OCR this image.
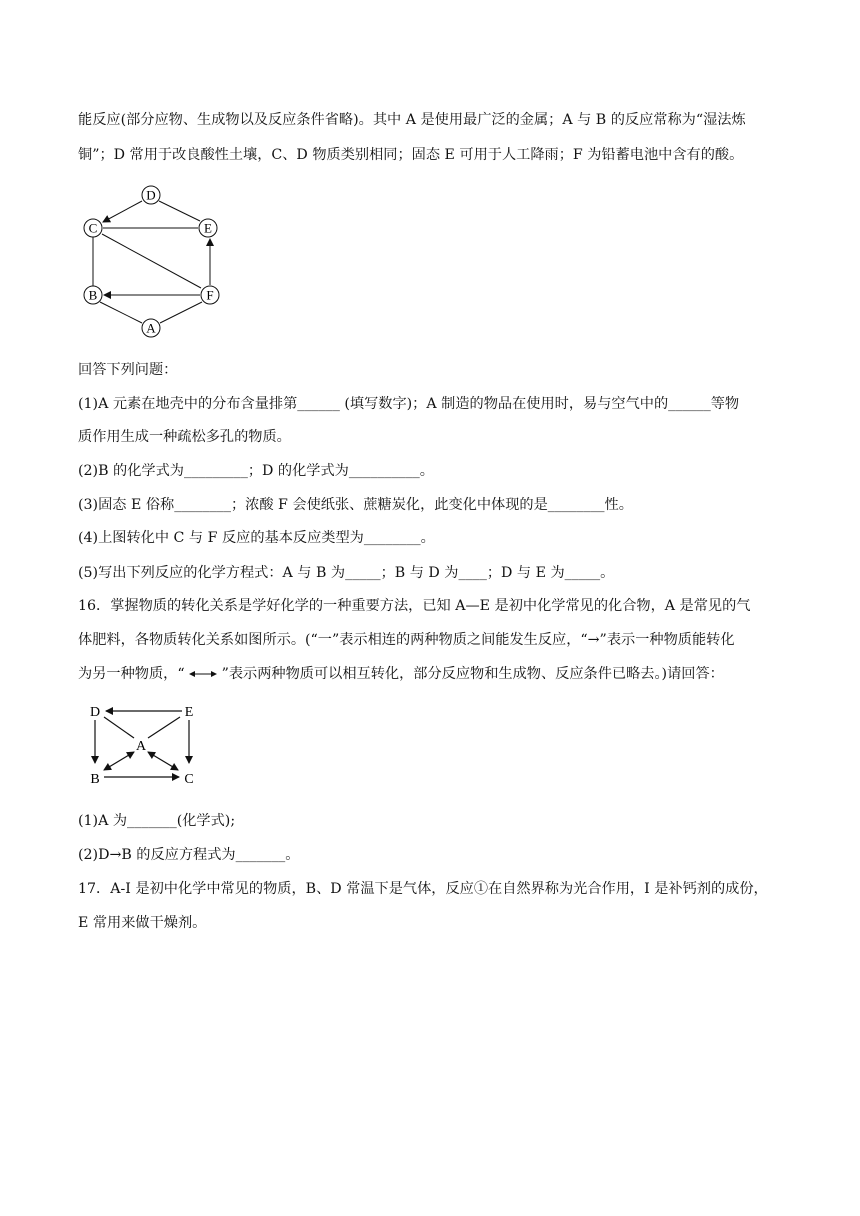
能反应(部分应物、生成物以及反应条件省略)。其中 A 是使用最广泛的金属；A 与 B 的反应常称为“湿法炼
铜”；D 常用于改良酸性土壤，C、D 物质类别相同；固态 E 可用于人工降雨；F 为铅蓄电池中含有的酸。
D
C	E
B	F
A
回答下列问题：
(1)A 元素在地壳中的分布含量排第______ (填写数字)；A 制造的物品在使用时，易与空气中的______等物
质作用生成一种疏松多孔的物质。
(2)B 的化学式为_________；D 的化学式为__________。
(3)固态 E 俗称________；浓酸 F 会使纸张、蔗糖炭化，此变化中体现的是________性。
(4)上图转化中 C 与 F 反应的基本反应类型为________。
(5)写出下列反应的化学方程式：A 与 B 为_____；B 与 D 为____；D 与 E 为_____。
16．掌握物质的转化关系是学好化学的一种重要方法，已知 A—E 是初中化学常见的化合物，A 是常见的气
体肥料，各物质转化关系如图所示。(“一”表示相连的两种物质之间能发生反应，“→”表示一种物质能转化
为另一种物质，“  ”表示两种物质可以相互转化，部分反应物和生成物、反应条件已略去。)请回答：
D	E
A
B	C
(1)A 为_______(化学式);
(2)D→B 的反应方程式为_______。
17．A-I 是初中化学中常见的物质，B、D 常温下是气体，反应①在自然界称为光合作用，I 是补钙剂的成份，
E 常用来做干燥剂。
